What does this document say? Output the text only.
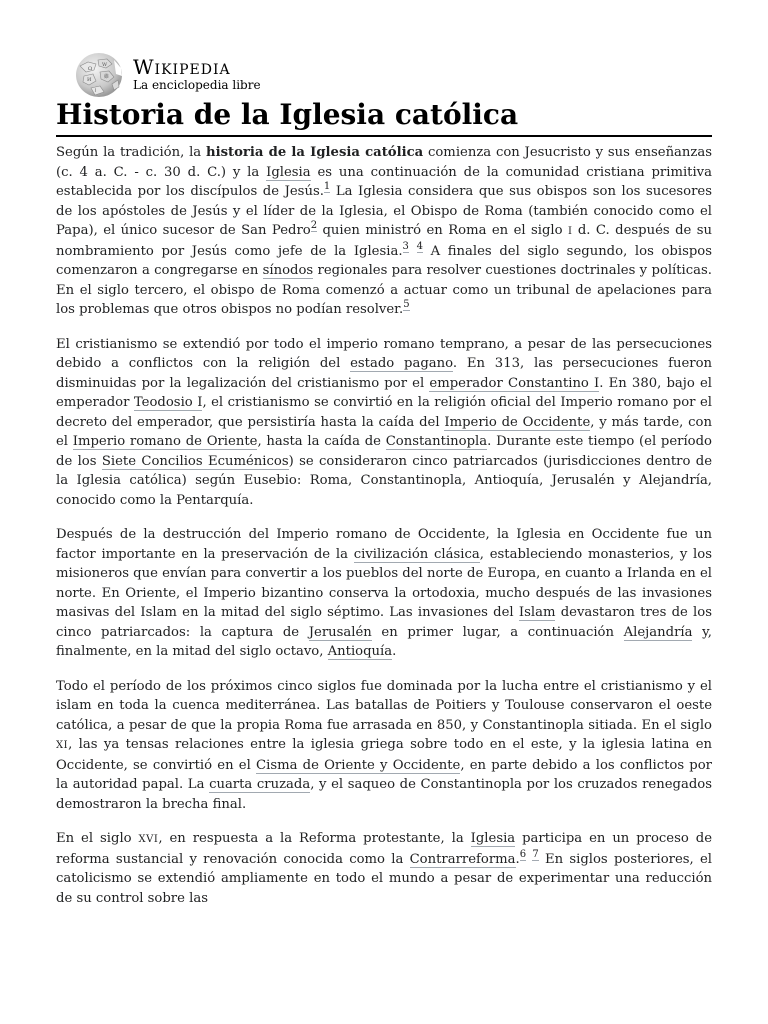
Ω
W
И	維
ا
Wikipedia
La enciclopedia libre
Historia de la Iglesia católica

Según la tradición, la historia de la Iglesia católica comienza con Jesucristo y sus enseñanzas (c. 4 a. C. - c. 30 d. C.) y la Iglesia es una continuación de la comunidad cristiana primitiva establecida por los discípulos de Jesús.$^1$ La Iglesia considera que sus obispos son los sucesores de los apóstoles de Jesús y el líder de la Iglesia, el Obispo de Roma (también conocido como el Papa), el único sucesor de San Pedro$^2$ quien ministró en Roma en el siglo I d. C. después de su nombramiento por Jesús como jefe de la Iglesia.$^3$ $^4$ A finales del siglo segundo, los obispos comenzaron a congregarse en sínodos regionales para resolver cuestiones doctrinales y políticas. En el siglo tercero, el obispo de Roma comenzó a actuar como un tribunal de apelaciones para los problemas que otros obispos no podían resolver.$^5$

El cristianismo se extendió por todo el imperio romano temprano, a pesar de las persecuciones debido a conflictos con la religión del estado pagano. En 313, las persecuciones fueron disminuidas por la legalización del cristianismo por el emperador Constantino I. En 380, bajo el emperador Teodosio I, el cristianismo se convirtió en la religión oficial del Imperio romano por el decreto del emperador, que persistiría hasta la caída del Imperio de Occidente, y más tarde, con el Imperio romano de Oriente, hasta la caída de Constantinopla. Durante este tiempo (el período de los Siete Concilios Ecuménicos) se consideraron cinco patriarcados (jurisdicciones dentro de la Iglesia católica) según Eusebio: Roma, Constantinopla, Antioquía, Jerusalén y Alejandría, conocido como la Pentarquía.

Después de la destrucción del Imperio romano de Occidente, la Iglesia en Occidente fue un factor importante en la preservación de la civilización clásica, estableciendo monasterios, y los misioneros que envían para convertir a los pueblos del norte de Europa, en cuanto a Irlanda en el norte. En Oriente, el Imperio bizantino conserva la ortodoxia, mucho después de las invasiones masivas del Islam en la mitad del siglo séptimo. Las invasiones del Islam devastaron tres de los cinco patriarcados: la captura de Jerusalén en primer lugar, a continuación Alejandría y, finalmente, en la mitad del siglo octavo, Antioquía.

Todo el período de los próximos cinco siglos fue dominada por la lucha entre el cristianismo y el islam en toda la cuenca mediterránea. Las batallas de Poitiers y Toulouse conservaron el oeste católica, a pesar de que la propia Roma fue arrasada en 850, y Constantinopla sitiada. En el siglo XI, las ya tensas relaciones entre la iglesia griega sobre todo en el este, y la iglesia latina en Occidente, se convirtió en el Cisma de Oriente y Occidente, en parte debido a los conflictos por la autoridad papal. La cuarta cruzada, y el saqueo de Constantinopla por los cruzados renegados demostraron la brecha final.

En el siglo XVI, en respuesta a la Reforma protestante, la Iglesia participa en un proceso de reforma sustancial y renovación conocida como la Contrarreforma.$^6$ $^7$ En siglos posteriores, el catolicismo se extendió ampliamente en todo el mundo a pesar de experimentar una reducción de su control sobre las
